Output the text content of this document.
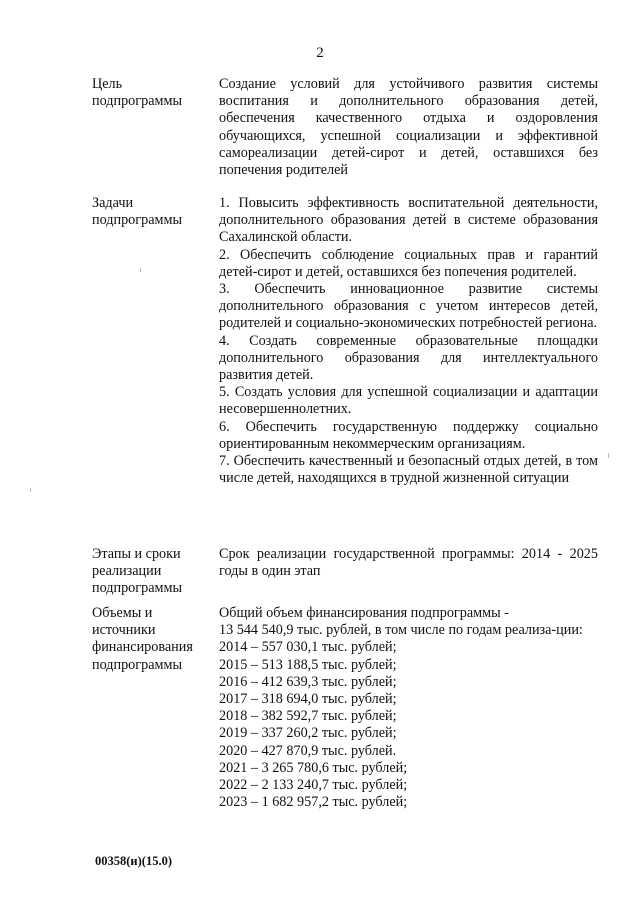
2
Цель
подпрограммы
Создание условий для устойчивого развития системы воспитания и дополнительного образования детей, обеспечения качественного отдыха и оздоровления обучающихся, успешной социализации и эффективной самореализации детей-сирот и детей, оставшихся без попечения родителей
Задачи
подпрограммы

1. Повысить эффективность воспитательной деятельности, дополнительного образования детей в системе образования Сахалинской области.

2. Обеспечить соблюдение социальных прав и гарантий детей-сирот и детей, оставшихся без попечения родителей.

3. Обеспечить инновационное развитие системы дополнительного образования с учетом интересов детей, родителей и социально-экономических потребностей региона.

4. Создать современные образовательные площадки дополнительного образования для интеллектуального развития детей.

5. Создать условия для успешной социализации и адаптации несовершеннолетних.

6. Обеспечить государственную поддержку социально ориентированным некоммерческим организациям.

7. Обеспечить качественный и безопасный отдых детей, в том числе детей, находящихся в трудной жизненной ситуации

Этапы и сроки
реализации
подпрограммы
Срок реализации государственной программы: 2014 - 2025 годы в один этап
Объемы и
источники
финансирования
подпрограммы

Общий объем финансирования подпрограммы -

13 544 540,9 тыс. рублей, в том числе по годам реализа-ции:

2014 – 557 030,1 тыс. рублей;

2015 – 513 188,5 тыс. рублей;

2016 – 412 639,3 тыс. рублей;

2017 – 318 694,0 тыс. рублей;

2018 – 382 592,7 тыс. рублей;

2019 – 337 260,2 тыс. рублей;

2020 – 427 870,9 тыс. рублей.

2021 – 3 265 780,6 тыс. рублей;

2022 – 2 133 240,7 тыс. рублей;

2023 – 1 682 957,2 тыс. рублей;

00358(и)(15.0)
